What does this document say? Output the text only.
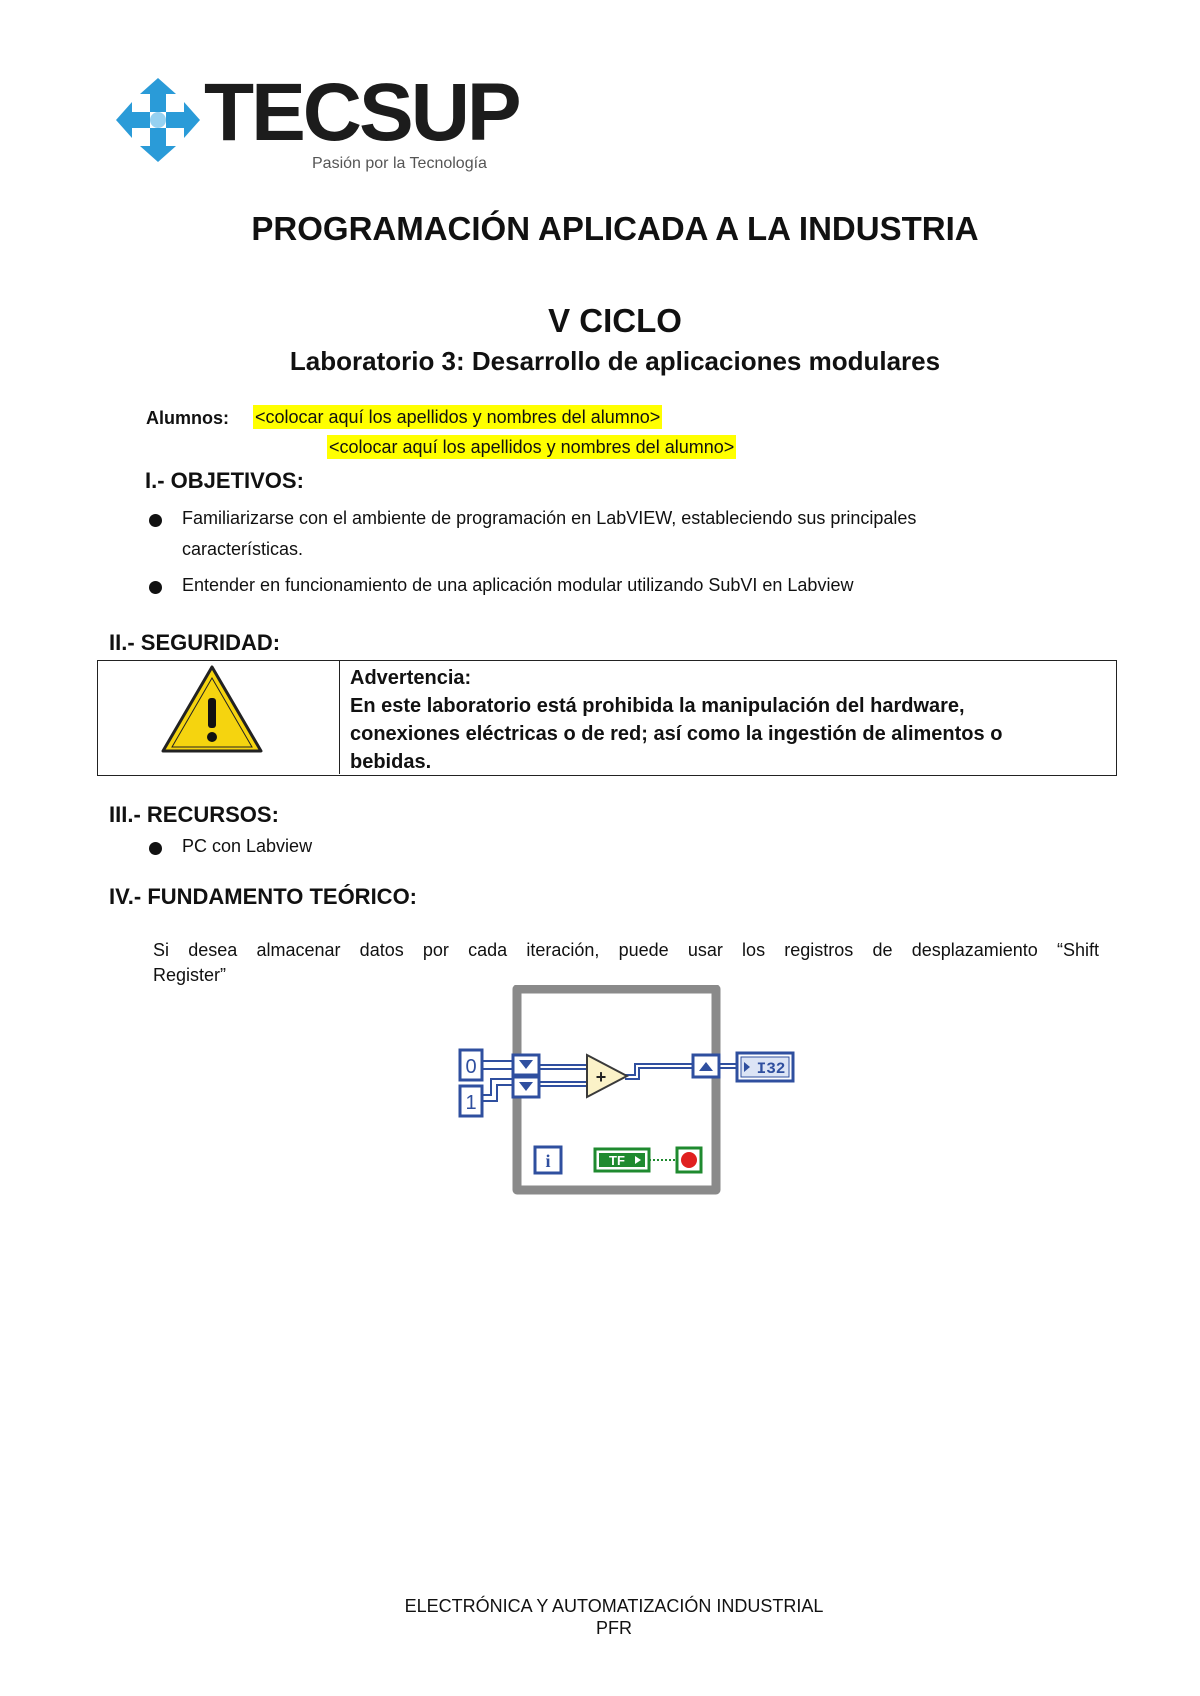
TECSUP
Pasión por la Tecnología
PROGRAMACIÓN APLICADA A LA INDUSTRIA
V CICLO
Laboratorio 3: Desarrollo de aplicaciones modulares
Alumnos: <colocar aquí los apellidos y nombres del alumno>
<colocar aquí los apellidos y nombres del alumno>
I.- OBJETIVOS:
Familiarizarse con el ambiente de programación en LabVIEW, estableciendo sus principales
características.
Entender en funcionamiento de una aplicación modular utilizando SubVI en Labview
II.- SEGURIDAD:
Advertencia:
En este laboratorio está prohibida la manipulación del hardware,
conexiones eléctricas o de red; así como la ingestión de alimentos o
bebidas.
III.- RECURSOS:
PC con Labview
IV.- FUNDAMENTO TEÓRICO:
Si desea almacenar datos por cada iteración, puede usar los registros de desplazamiento “Shift
Register”
0
1
+	I32
i	TF
ELECTRÓNICA Y AUTOMATIZACIÓN INDUSTRIAL
PFR
